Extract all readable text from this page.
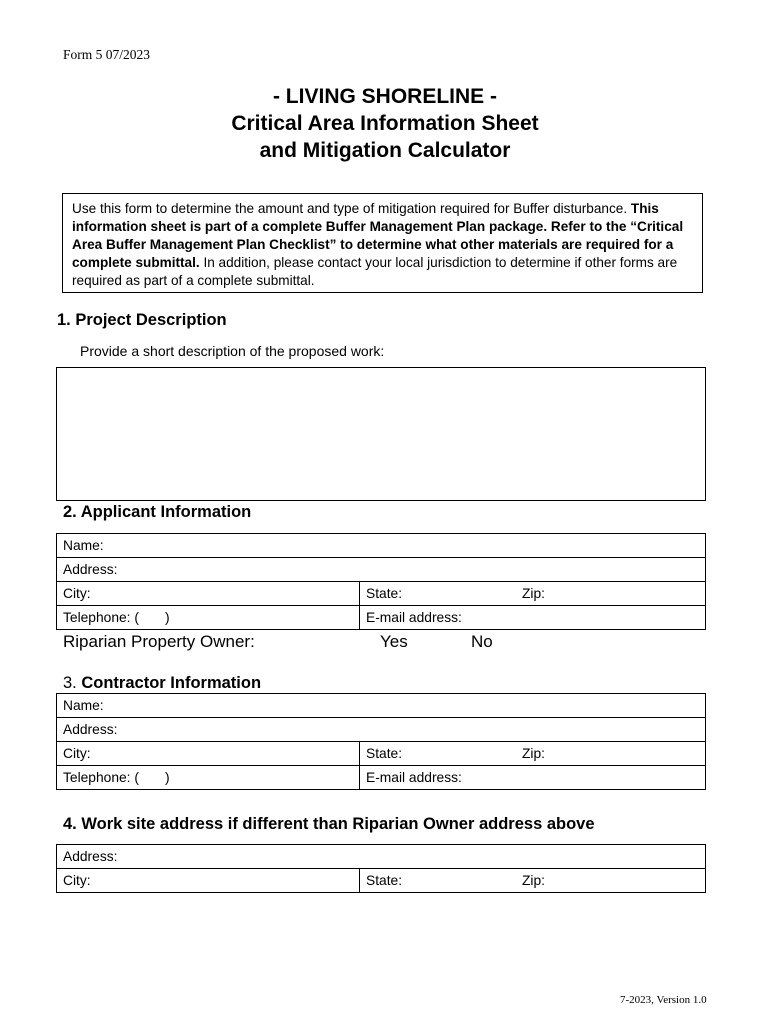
Form 5 07/2023
- LIVING SHORELINE -
Critical Area Information Sheet
and Mitigation Calculator
Use this form to determine the amount and type of mitigation required for Buffer disturbance. This information sheet is part of a complete Buffer Management Plan package. Refer to the “Critical Area Buffer Management Plan Checklist” to determine what other materials are required for a complete submittal. In addition, please contact your local jurisdiction to determine if other forms are required as part of a complete submittal.
1. Project Description
Provide a short description of the proposed work:
2. Applicant Information
Name:	
Address:	
City:	State: Zip:

Telephone: ( )	E-mail address:
Riparian Property Owner:	Yes	No
3. Contractor Information
Name:	
Address:	
City:	State: Zip:

Telephone: ( )	E-mail address:
4. Work site address if different than Riparian Owner address above
Address:
City:	State:	Zip:
7-2023, Version 1.0
